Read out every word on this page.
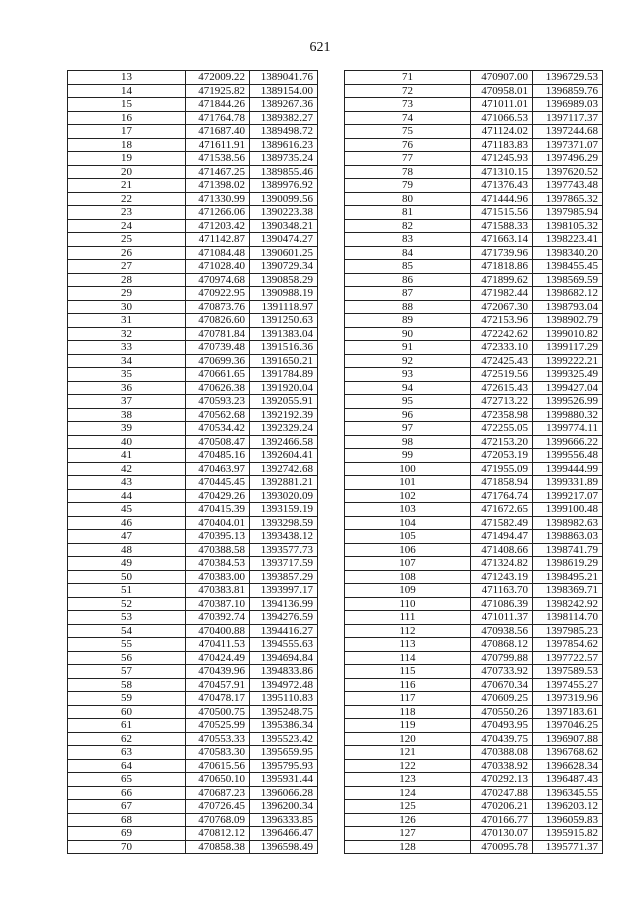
621
13	472009.22	1389041.76
14	471925.82	1389154.00
15	471844.26	1389267.36
16	471764.78	1389382.27
17	471687.40	1389498.72
18	471611.91	1389616.23
19	471538.56	1389735.24
20	471467.25	1389855.46
21	471398.02	1389976.92
22	471330.99	1390099.56
23	471266.06	1390223.38
24	471203.42	1390348.21
25	471142.87	1390474.27
26	471084.48	1390601.25
27	471028.40	1390729.34
28	470974.68	1390858.29
29	470922.95	1390988.19
30	470873.76	1391118.97
31	470826.60	1391250.63
32	470781.84	1391383.04
33	470739.48	1391516.36
34	470699.36	1391650.21
35	470661.65	1391784.89
36	470626.38	1391920.04
37	470593.23	1392055.91
38	470562.68	1392192.39
39	470534.42	1392329.24
40	470508.47	1392466.58
41	470485.16	1392604.41
42	470463.97	1392742.68
43	470445.45	1392881.21
44	470429.26	1393020.09
45	470415.39	1393159.19
46	470404.01	1393298.59
47	470395.13	1393438.12
48	470388.58	1393577.73
49	470384.53	1393717.59
50	470383.00	1393857.29
51	470383.81	1393997.17
52	470387.10	1394136.99
53	470392.74	1394276.59
54	470400.88	1394416.27
55	470411.53	1394555.63
56	470424.49	1394694.84
57	470439.96	1394833.86
58	470457.91	1394972.48
59	470478.17	1395110.83
60	470500.75	1395248.75
61	470525.99	1395386.34
62	470553.33	1395523.42
63	470583.30	1395659.95
64	470615.56	1395795.93
65	470650.10	1395931.44
66	470687.23	1396066.28
67	470726.45	1396200.34
68	470768.09	1396333.85
69	470812.12	1396466.47
70	470858.38	1396598.49
71	470907.00	1396729.53
72	470958.01	1396859.76
73	471011.01	1396989.03
74	471066.53	1397117.37
75	471124.02	1397244.68
76	471183.83	1397371.07
77	471245.93	1397496.29
78	471310.15	1397620.52
79	471376.43	1397743.48
80	471444.96	1397865.32
81	471515.56	1397985.94
82	471588.33	1398105.32
83	471663.14	1398223.41
84	471739.96	1398340.20
85	471818.86	1398455.45
86	471899.62	1398569.59
87	471982.44	1398682.12
88	472067.30	1398793.04
89	472153.96	1398902.79
90	472242.62	1399010.82
91	472333.10	1399117.29
92	472425.43	1399222.21
93	472519.56	1399325.49
94	472615.43	1399427.04
95	472713.22	1399526.99
96	472358.98	1399880.32
97	472255.05	1399774.11
98	472153.20	1399666.22
99	472053.19	1399556.48
100	471955.09	1399444.99
101	471858.94	1399331.89
102	471764.74	1399217.07
103	471672.65	1399100.48
104	471582.49	1398982.63
105	471494.47	1398863.03
106	471408.66	1398741.79
107	471324.82	1398619.29
108	471243.19	1398495.21
109	471163.70	1398369.71
110	471086.39	1398242.92
111	471011.37	1398114.70
112	470938.56	1397985.23
113	470868.12	1397854.62
114	470799.88	1397722.57
115	470733.92	1397589.53
116	470670.34	1397455.27
117	470609.25	1397319.96
118	470550.26	1397183.61
119	470493.95	1397046.25
120	470439.75	1396907.88
121	470388.08	1396768.62
122	470338.92	1396628.34
123	470292.13	1396487.43
124	470247.88	1396345.55
125	470206.21	1396203.12
126	470166.77	1396059.83
127	470130.07	1395915.82
128	470095.78	1395771.37
